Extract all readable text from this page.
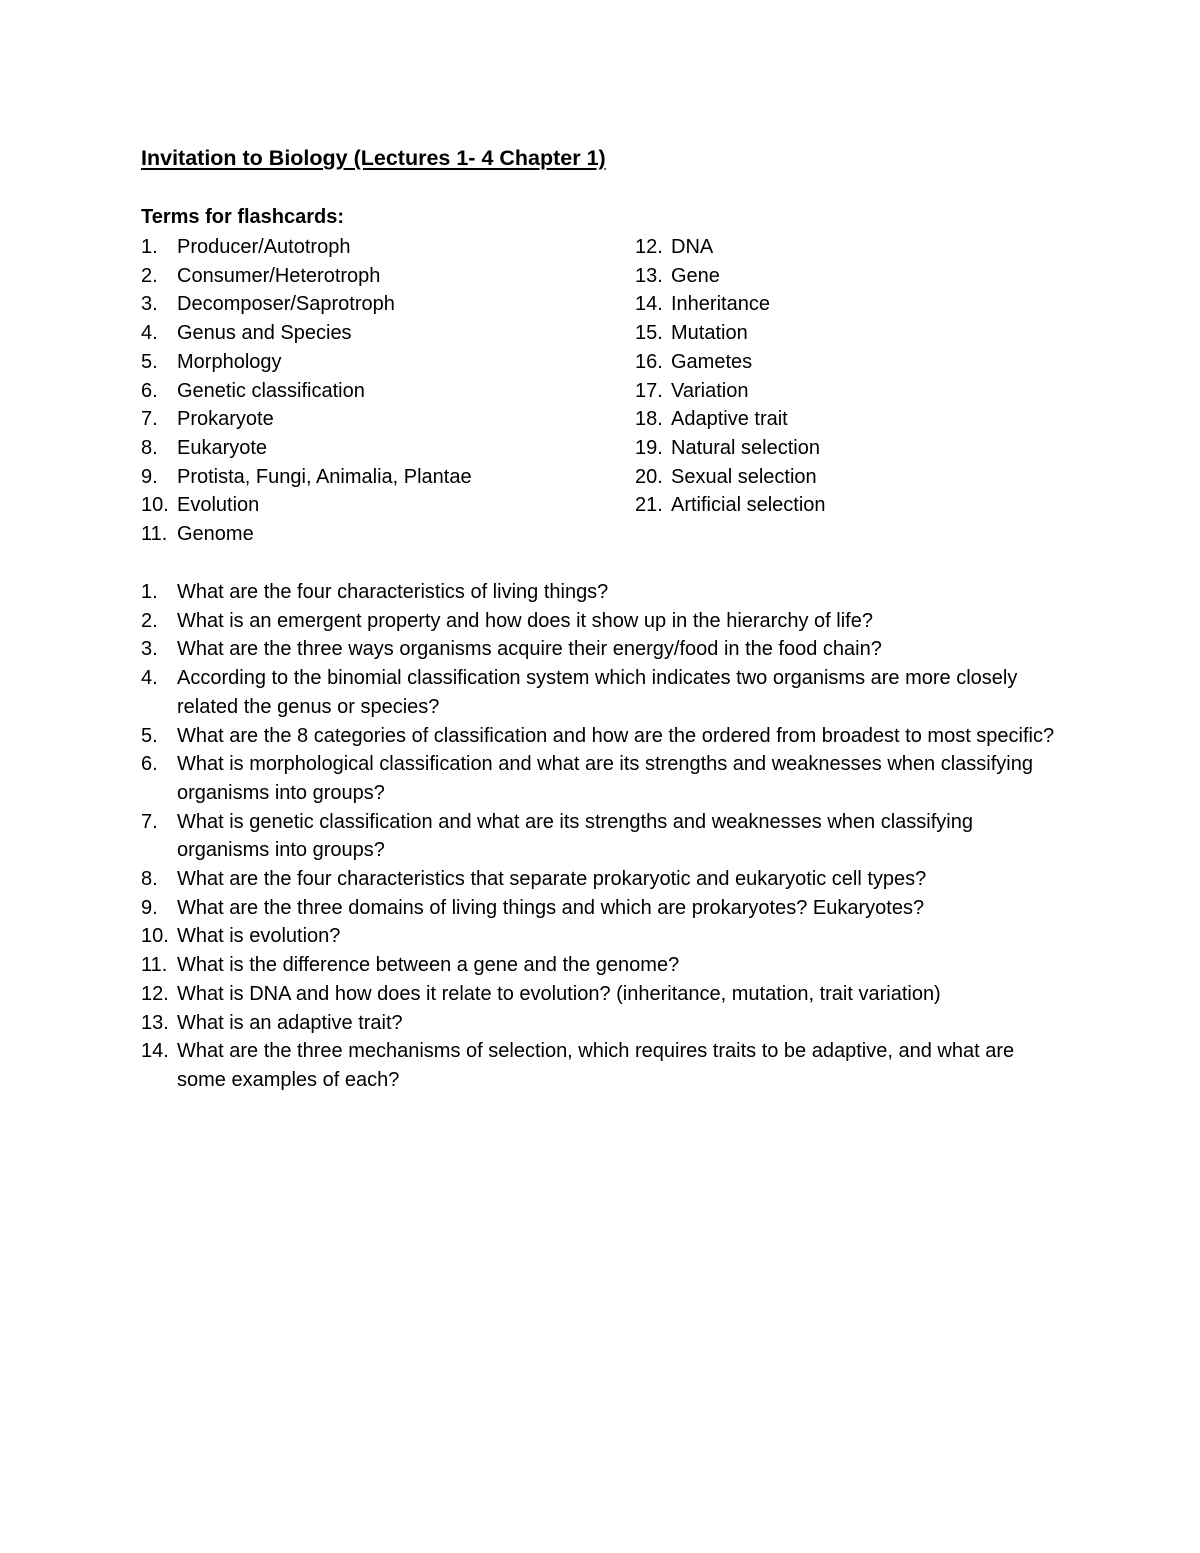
Invitation to Biology (Lectures 1- 4 Chapter 1)
Terms for flashcards:
1. Producer/Autotroph
2. Consumer/Heterotroph
3. Decomposer/Saprotroph
4. Genus and Species
5. Morphology
6. Genetic classification
7. Prokaryote
8. Eukaryote
9. Protista, Fungi, Animalia, Plantae
10. Evolution
11. Genome
12. DNA
13. Gene
14. Inheritance
15. Mutation
16. Gametes
17. Variation
18. Adaptive trait
19. Natural selection
20. Sexual selection
21. Artificial selection
1. What are the four characteristics of living things?
2. What is an emergent property and how does it show up in the hierarchy of life?
3. What are the three ways organisms acquire their energy/food in the food chain?
4. According to the binomial classification system which indicates two organisms are more closely related the genus or species?
5. What are the 8 categories of classification and how are the ordered from broadest to most specific?
6. What is morphological classification and what are its strengths and weaknesses when classifying organisms into groups?
7. What is genetic classification and what are its strengths and weaknesses when classifying organisms into groups?
8. What are the four characteristics that separate prokaryotic and eukaryotic cell types?
9. What are the three domains of living things and which are prokaryotes? Eukaryotes?
10. What is evolution?
11. What is the difference between a gene and the genome?
12. What is DNA and how does it relate to evolution? (inheritance, mutation, trait variation)
13. What is an adaptive trait?
14. What are the three mechanisms of selection, which requires traits to be adaptive, and what are some examples of each?
